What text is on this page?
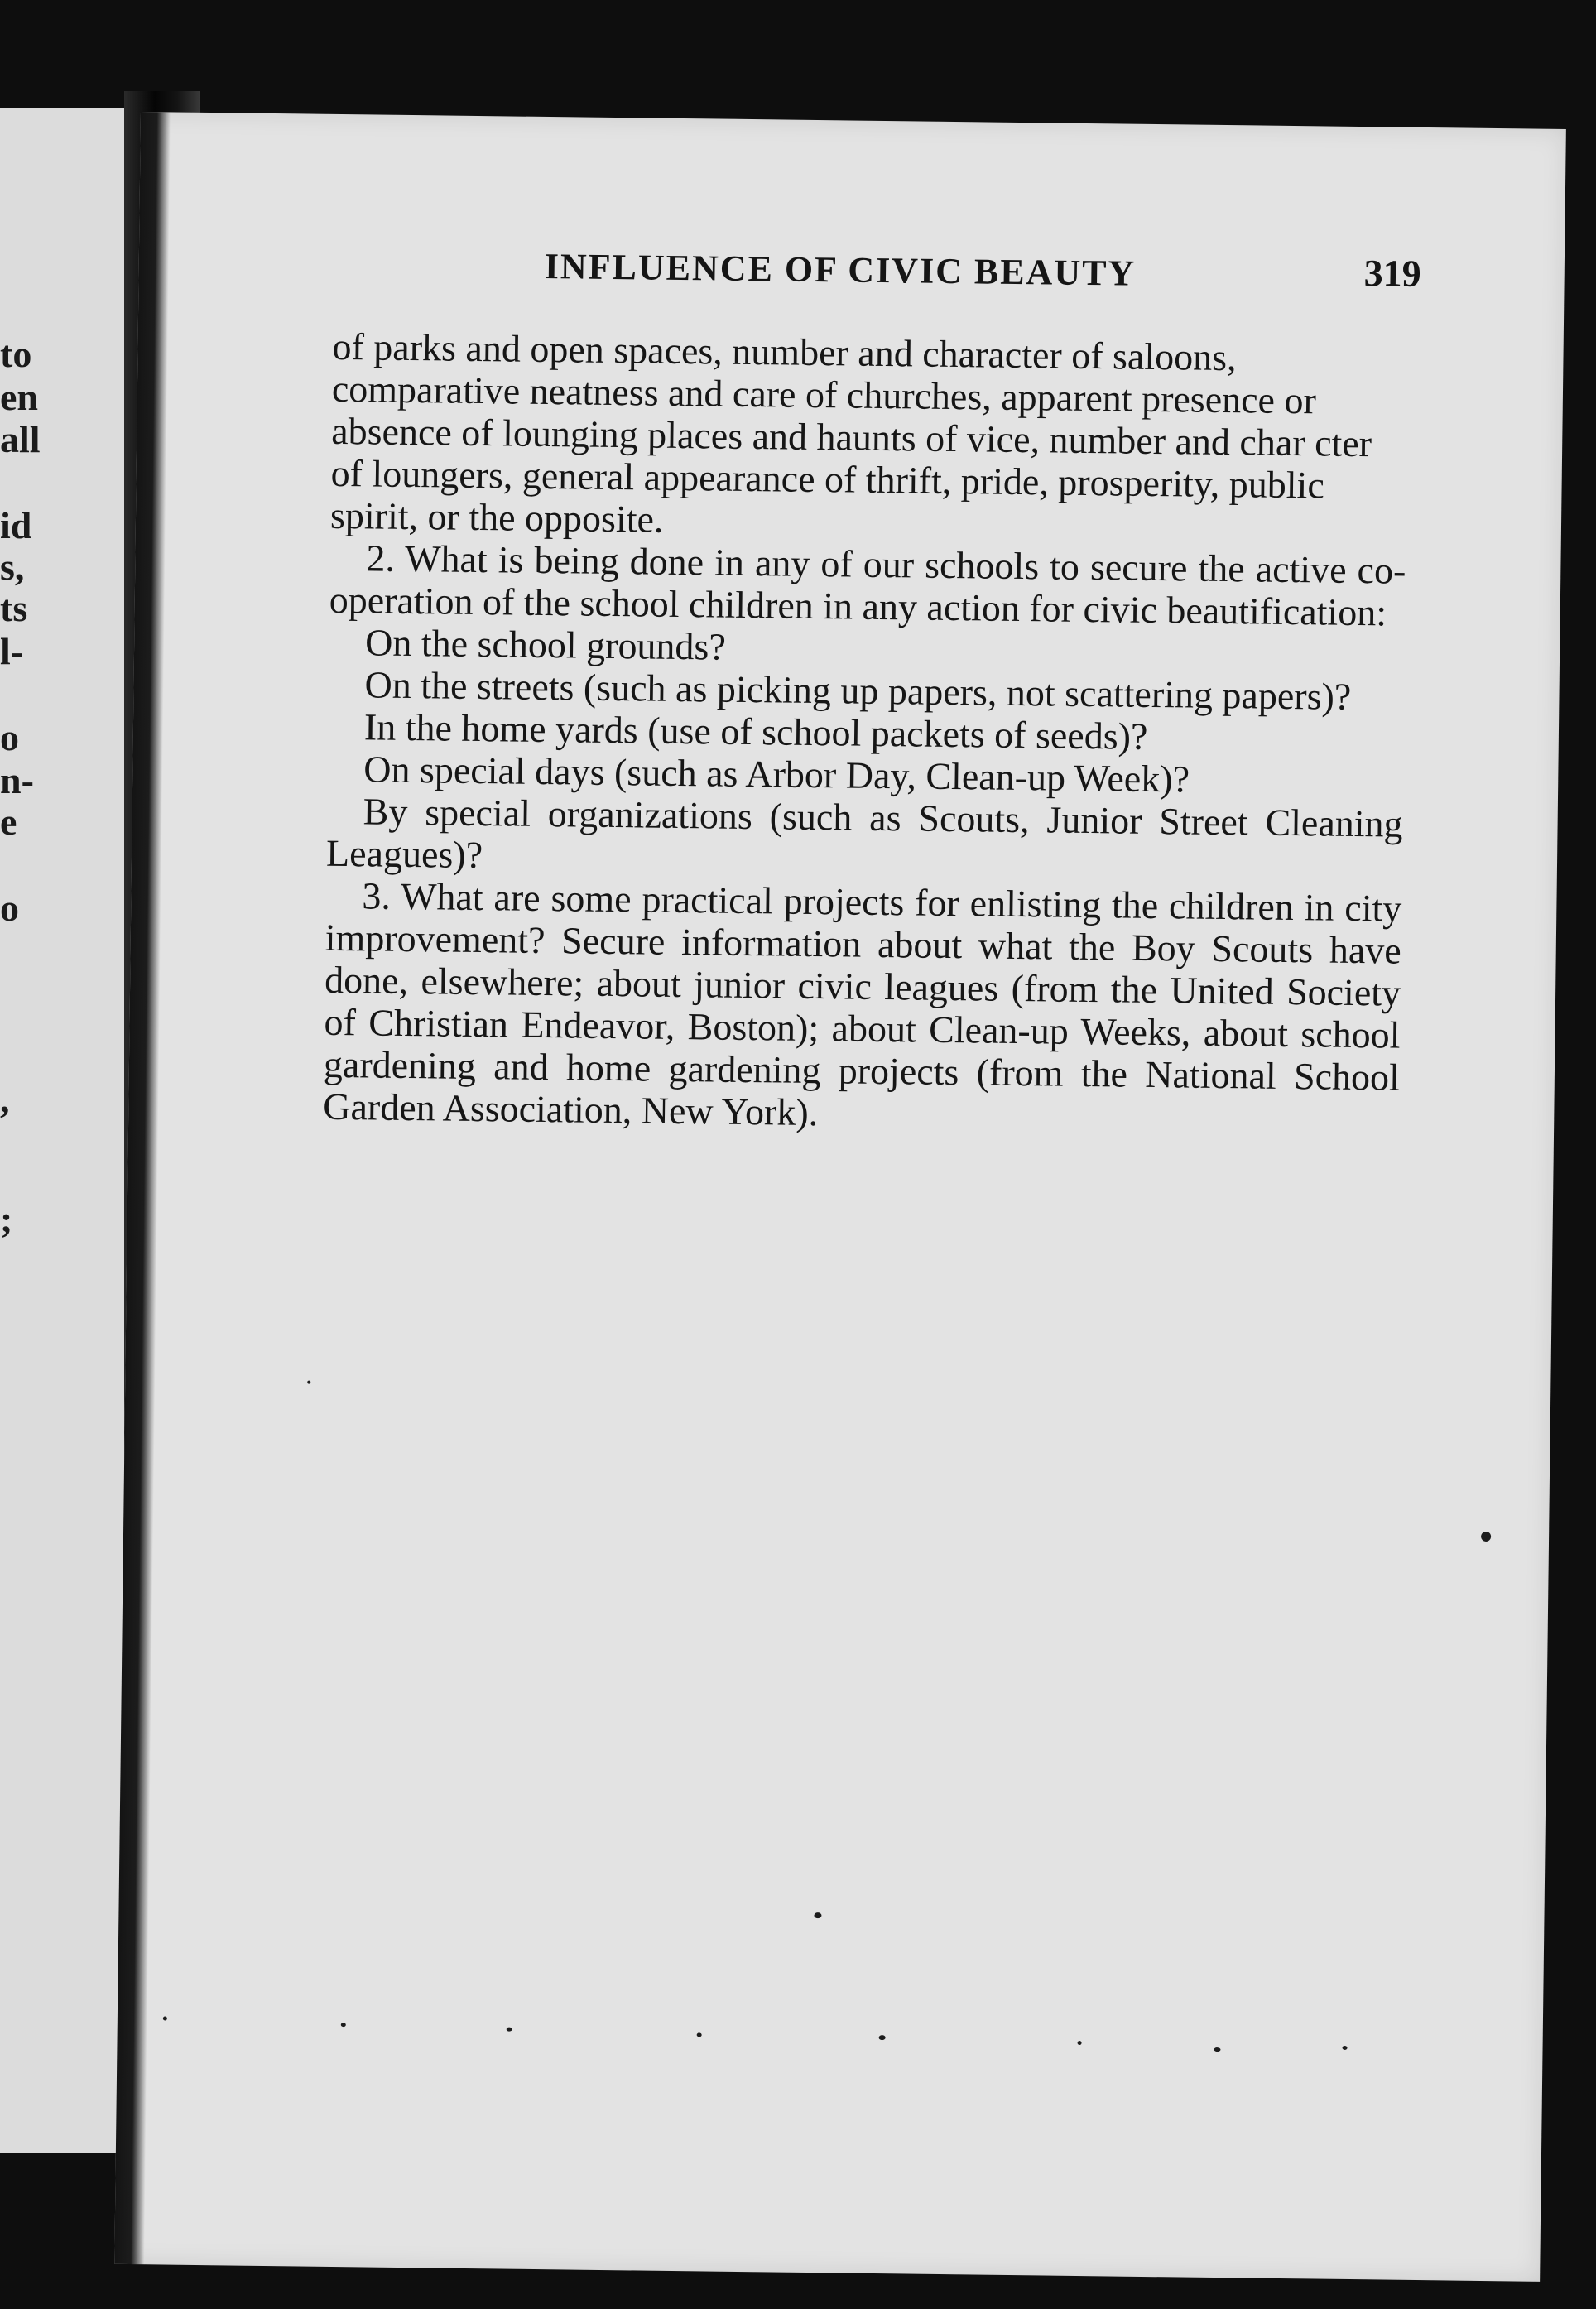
to
en
all
id
s,
ts
l-
o
n-
e
o
,
;
INFLUENCE OF CIVIC BEAUTY	319

of parks and open spaces, number and character of saloons, comparative neatness and care of churches, apparent presence or absence of lounging places and haunts of vice, number and char cter of loungers, general appearance of thrift, pride, prosperity, public spirit, or the opposite.

2. What is being done in any of our schools to secure the active co-operation of the school children in any action for civic beautification:

On the school grounds?

On the streets (such as picking up papers, not scattering papers)?

In the home yards (use of school packets of seeds)?

On special days (such as Arbor Day, Clean-up Week)?

By special organizations (such as Scouts, Junior Street Cleaning Leagues)?

3. What are some practical projects for enlisting the children in city improvement? Secure information about what the Boy Scouts have done, elsewhere; about junior civic leagues (from the United Society of Christian Endeavor, Boston); about Clean-up Weeks, about school gardening and home gardening projects (from the National School Garden Association, New York).
